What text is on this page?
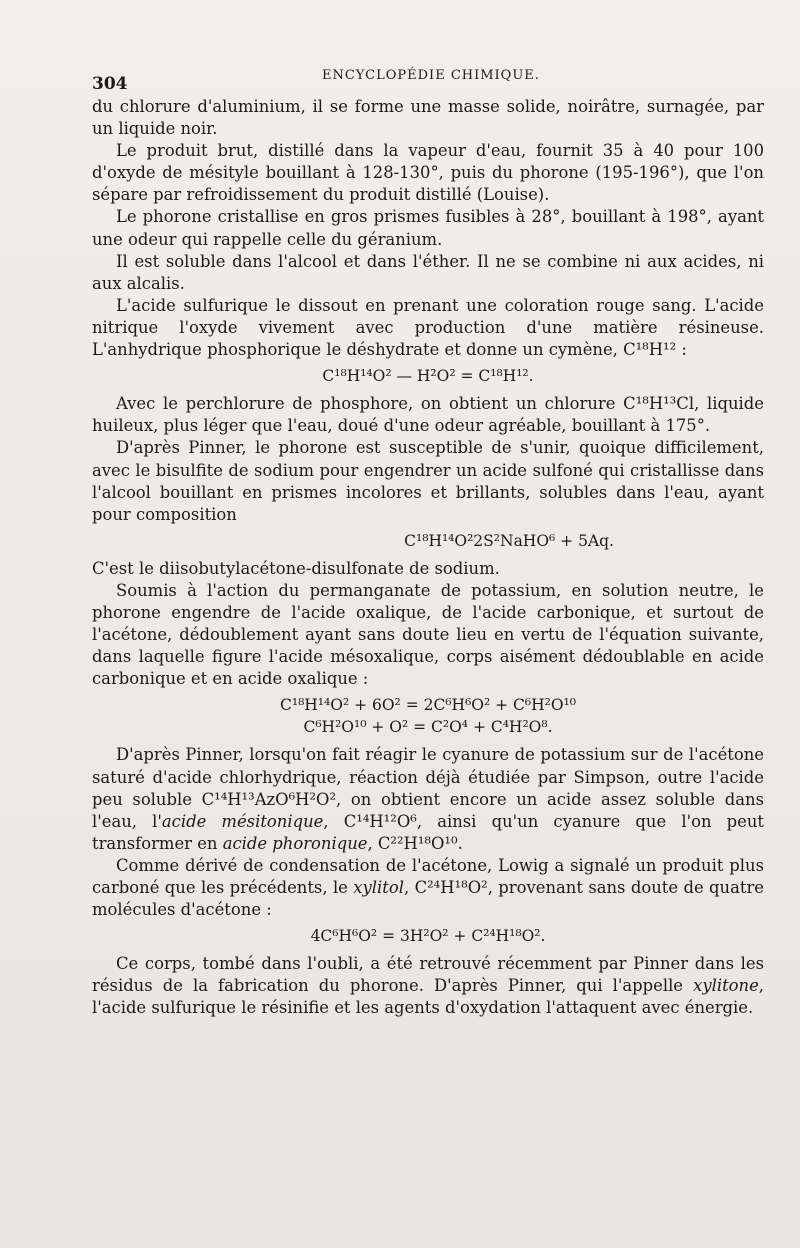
304	ENCYCLOPÉDIE CHIMIQUE.

du chlorure d'aluminium, il se forme une masse solide, noirâtre, surnagée, par un liquide noir.

Le produit brut, distillé dans la vapeur d'eau, fournit 35 à 40 pour 100 d'oxyde de mésityle bouillant à 128-130°, puis du phorone (195-196°), que l'on sépare par refroidissement du produit distillé (Louise).

Le phorone cristallise en gros prismes fusibles à 28°, bouillant à 198°, ayant une odeur qui rappelle celle du géranium.

Il est soluble dans l'alcool et dans l'éther. Il ne se combine ni aux acides, ni aux alcalis.

L'acide sulfurique le dissout en prenant une coloration rouge sang. L'acide nitrique l'oxyde vivement avec production d'une matière résineuse. L'anhydrique phosphorique le déshydrate et donne un cymène, C¹⁸H¹² :

C¹⁸H¹⁴O² — H²O² = C¹⁸H¹².

Avec le perchlorure de phosphore, on obtient un chlorure C¹⁸H¹³Cl, liquide huileux, plus léger que l'eau, doué d'une odeur agréable, bouillant à 175°.

D'après Pinner, le phorone est susceptible de s'unir, quoique difficilement, avec le bisulfite de sodium pour engendrer un acide sulfoné qui cristallisse dans l'alcool bouillant en prismes incolores et brillants, solubles dans l'eau, ayant pour composition

C¹⁸H¹⁴O²2S²NaHO⁶ + 5Aq.

C'est le diisobutylacétone-disulfonate de sodium.

Soumis à l'action du permanganate de potassium, en solution neutre, le phorone engendre de l'acide oxalique, de l'acide carbonique, et surtout de l'acétone, dédoublement ayant sans doute lieu en vertu de l'équation suivante, dans laquelle figure l'acide mésoxalique, corps aisément dédoublable en acide carbonique et en acide oxalique :

C¹⁸H¹⁴O² + 6O² = 2C⁶H⁶O² + C⁶H²O¹⁰
C⁶H²O¹⁰ + O² = C²O⁴ + C⁴H²O⁸.

D'après Pinner, lorsqu'on fait réagir le cyanure de potassium sur de l'acétone saturé d'acide chlorhydrique, réaction déjà étudiée par Simpson, outre l'acide peu soluble C¹⁴H¹³AzO⁶H²O², on obtient encore un acide assez soluble dans l'eau, l'acide mésitonique, C¹⁴H¹²O⁶, ainsi qu'un cyanure que l'on peut transformer en acide phoronique, C²²H¹⁸O¹⁰.

Comme dérivé de condensation de l'acétone, Lowig a signalé un produit plus carboné que les précédents, le xylitol, C²⁴H¹⁸O², provenant sans doute de quatre molécules d'acétone :

4C⁶H⁶O² = 3H²O² + C²⁴H¹⁸O².

Ce corps, tombé dans l'oubli, a été retrouvé récemment par Pinner dans les résidus de la fabrication du phorone. D'après Pinner, qui l'appelle xylitone, l'acide sulfurique le résinifie et les agents d'oxydation l'attaquent avec énergie.
